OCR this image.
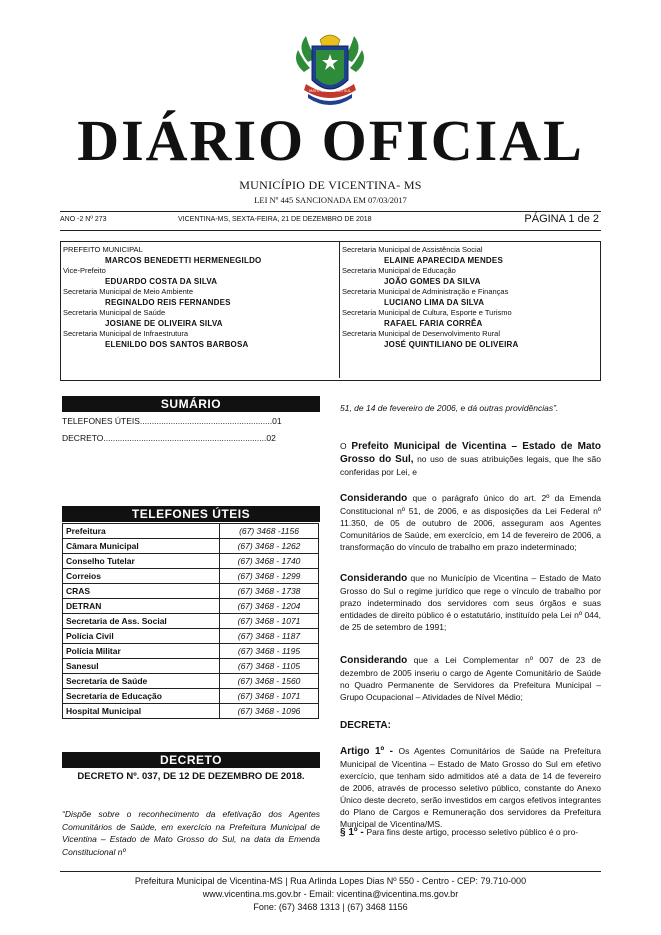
MATO GROSSO DO SUL
DIÁRIO OFICIAL
MUNICÍPIO DE VICENTINA- MS
LEI Nº 445 SANCIONADA EM 07/03/2017
ANO -2 Nº 273	VICENTINA-MS, SEXTA-FEIRA, 21 DE DEZEMBRO DE 2018	PÁGINA 1 de 2
PREFEITO MUNICIPAL
MARCOS BENEDETTI HERMENEGILDO
Vice-Prefeito
EDUARDO COSTA DA SILVA
Secretaria Municipal de Meio Ambiente
REGINALDO REIS FERNANDES
Secretaria Municipal de Saúde
JOSIANE DE OLIVEIRA SILVA
Secretaria Municipal de Infraestrutura
ELENILDO DOS SANTOS BARBOSA
Secretaria Municipal de Assistência Social
ELAINE APARECIDA MENDES
Secretaria Municipal de Educação
JOÃO GOMES DA SILVA
Secretaria Municipal de Administração e Finanças
LUCIANO LIMA DA SILVA
Secretaria Municipal de Cultura, Esporte e Turismo
RAFAEL FARIA CORRÊA
Secretaria Municipal de Desenvolvimento Rural
JOSÉ QUINTILIANO DE OLIVEIRA
SUMÁRIO
TELEFONES ÚTEIS........................................................01
DECRETO.....................................................................02
TELEFONES ÚTEIS
Prefeitura	(67) 3468 -1156
Câmara Municipal	(67) 3468 - 1262
Conselho Tutelar	(67) 3468 - 1740
Correios	(67) 3468 - 1299
CRAS	(67) 3468 - 1738
DETRAN	(67) 3468 - 1204
Secretaria de Ass. Social	(67) 3468 - 1071
Polícia Civil	(67) 3468 - 1187
Polícia Militar	(67) 3468 - 1195
Sanesul	(67) 3468 - 1105
Secretaria de Saúde	(67) 3468 - 1560
Secretaria de Educação	(67) 3468 - 1071
Hospital Municipal	(67) 3468 - 1096
DECRETO
DECRETO Nº. 037, DE 12 DE DEZEMBRO DE 2018.
“Dispõe sobre o reconhecimento da efetivação dos Agentes Comunitários de Saúde, em exercício na Prefeitura Municipal de Vicentina – Estado de Mato Grosso do Sul, na data da Emenda Constitucional nº

51, de 14 de fevereiro de 2006, e dá outras providências”.

O Prefeito Municipal de Vicentina – Estado de Mato Grosso do Sul, no uso de suas atribuições legais, que lhe são conferidas por Lei, e

Considerando que o parágrafo único do art. 2º da Emenda Constitucional nº 51, de 2006, e as disposições da Lei Federal nº 11.350, de 05 de outubro de 2006, asseguram aos Agentes Comunitários de Saúde, em exercício, em 14 de fevereiro de 2006, a transformação do vínculo de trabalho em prazo indeterminado;

Considerando que no Município de Vicentina – Estado de Mato Grosso do Sul o regime jurídico que rege o vínculo de trabalho por prazo indeterminado dos servidores com seus órgãos e suas entidades de direito público é o estatutário, instituído pela Lei nº 044, de 25 de setembro de 1991;

Considerando que a Lei Complementar nº 007 de 23 de dezembro de 2005 inseriu o cargo de Agente Comunitário de Saúde no Quadro Permanente de Servidores da Prefeitura Municipal – Grupo Ocupacional – Atividades de Nível Médio;

DECRETA:

Artigo 1º - Os Agentes Comunitários de Saúde na Prefeitura Municipal de Vicentina – Estado de Mato Grosso do Sul em efetivo exercício, que tenham sido admitidos até a data de 14 de fevereiro de 2006, através de processo seletivo público, constante do Anexo Único deste decreto, serão investidos em cargos efetivos integrantes do Plano de Cargos e Remuneração dos servidores da Prefeitura Municipal de Vicentina/MS.

§ 1º - Para fins deste artigo, processo seletivo público é o pro-

Prefeitura Municipal de Vicentina-MS | Rua Arlinda Lopes Dias Nº 550 - Centro - CEP: 79.710-000
www.vicentina.ms.gov.br - Email: vicentina@vicentina.ms.gov.br
Fone: (67) 3468 1313 | (67) 3468 1156
